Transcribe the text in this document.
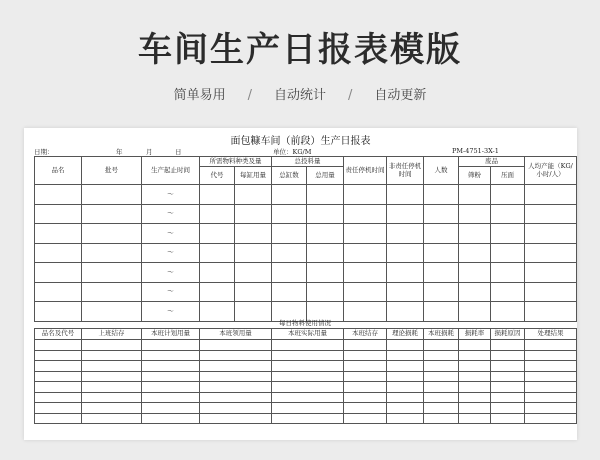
车间生产日报表模版
简单易用 / 自动统计 / 自动更新
面包糠车间（前段）生产日报表
日期：	年	月	日	单位：KG/M	PM-4751-3X-1
品名	批号	生产起止时间	所需物料种类及量		总投料量		责任停机时间	非责任停机时间	人数	废品		人均产能（KG/小时/人）
			代号	每缸用量	总缸数	总用量				筛粉	压面	
		～										
		～										
		～										
		～										
		～										
		～										
		～										
每日物料使用情况
品名及代号	上班结存	本班计划用量	本班领用量	本班实际用量	本班结存	理论损耗	本班损耗	损耗率	损耗原因	处理结果
